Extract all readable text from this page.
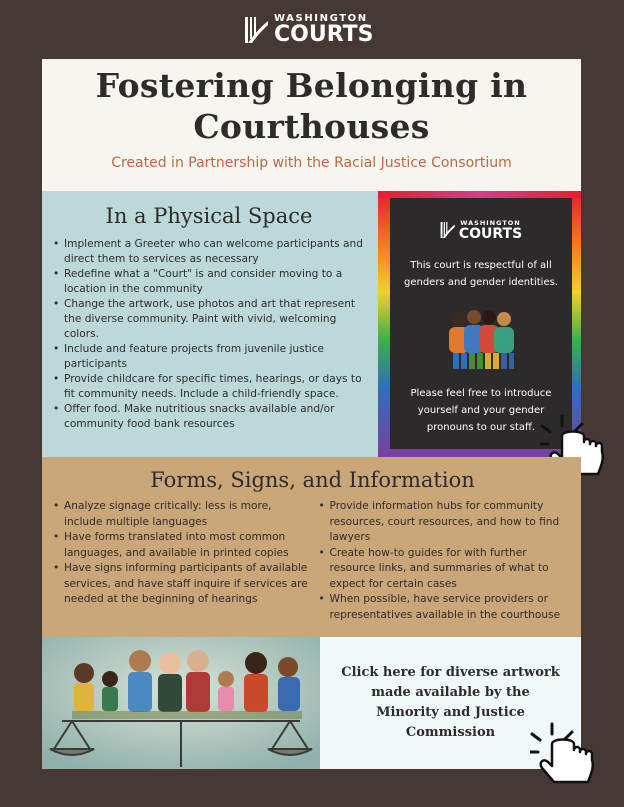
WASHINGTON
COURTS
Fostering Belonging in
Courthouses
Created in Partnership with the Racial Justice Consortium
In a Physical Space
• Implement a Greeter who can welcome participants and direct them to services as necessary
• Redefine what a "Court" is and consider moving to a location in the community
• Change the artwork, use photos and art that represent the diverse community. Paint with vivid, welcoming colors.
• Include and feature projects from juvenile justice participants
• Provide childcare for specific times, hearings, or days to fit community needs. Include a child-friendly space.
• Offer food. Make nutritious snacks available and/or community food bank resources
WASHINGTON
COURTS
This court is respectful of all genders and gender identities.
Please feel free to introduce yourself and your gender pronouns to our staff.
Forms, Signs, and Information
• Analyze signage critically: less is more, include multiple languages
• Have forms translated into most common languages, and available in printed copies
• Have signs informing participants of available services, and have staff inquire if services are needed at the beginning of hearings
• Provide information hubs for community resources, court resources, and how to find lawyers
• Create how-to guides for with further resource links, and summaries of what to expect for certain cases
• When possible, have service providers or representatives available in the courthouse
Click here for diverse artwork
made available by the
Minority and Justice
Commission
